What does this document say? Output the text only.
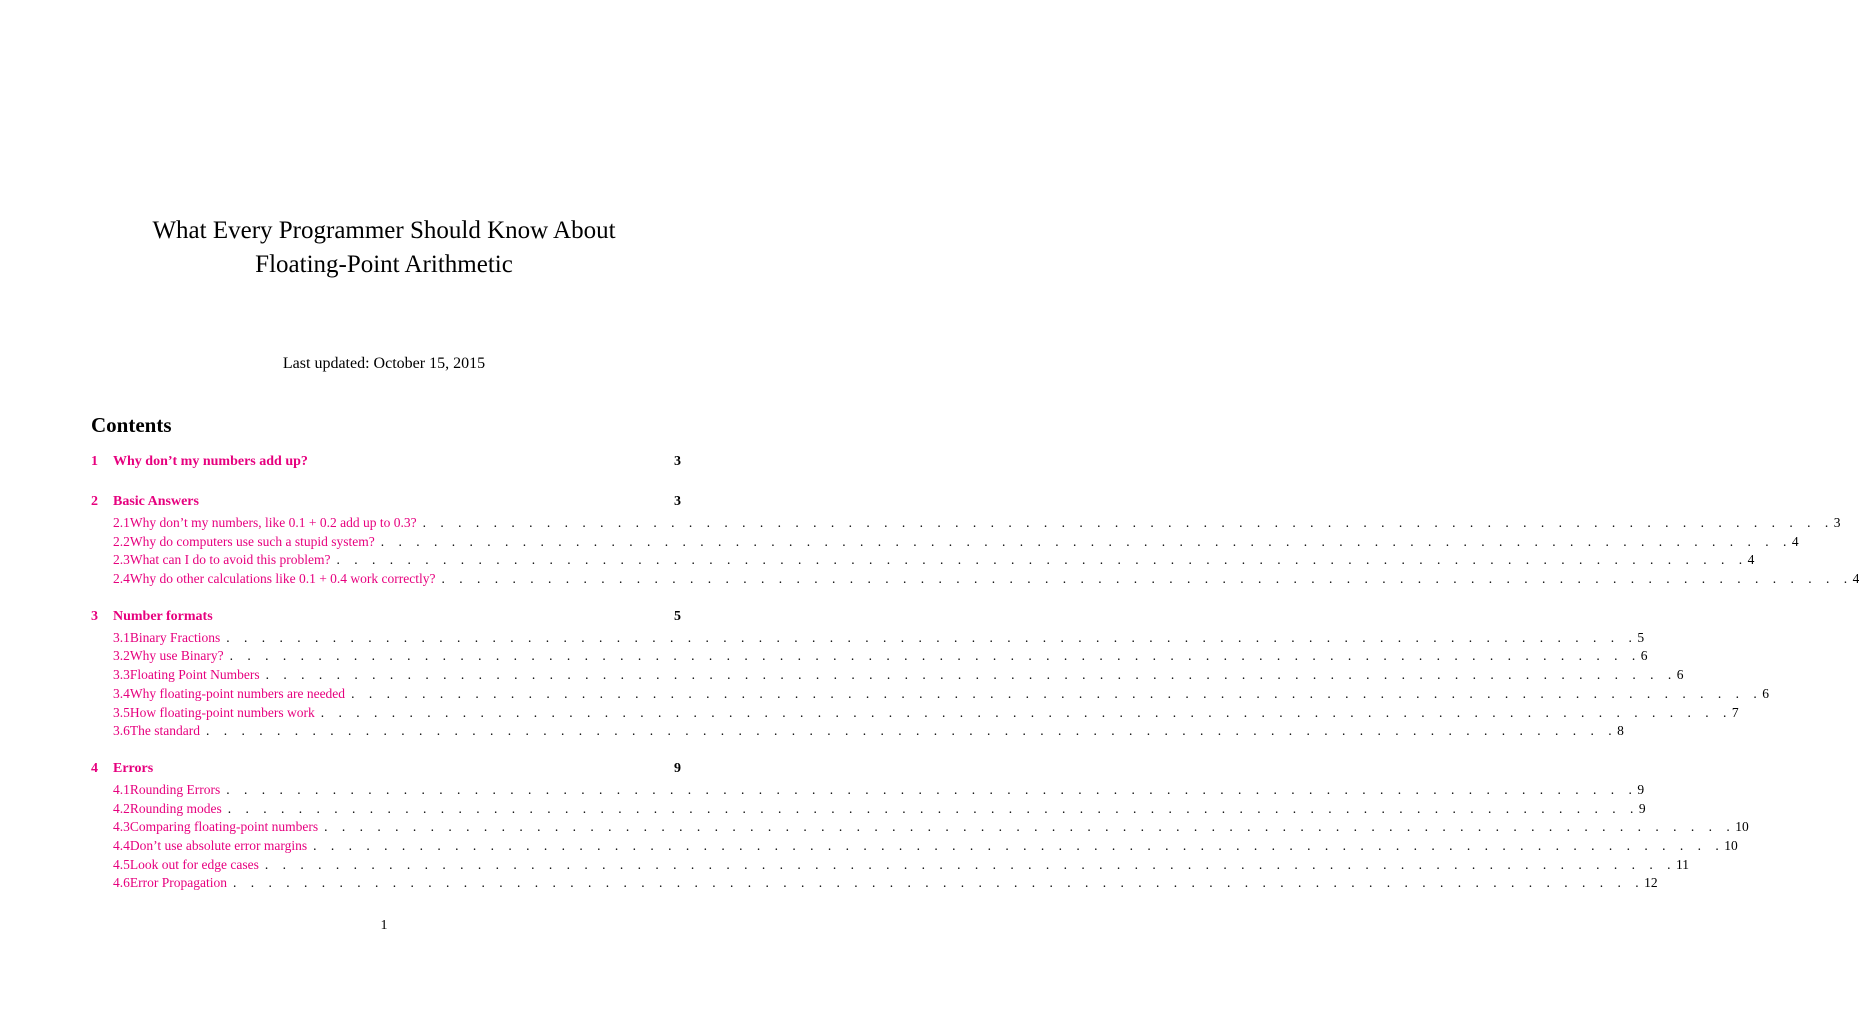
What Every Programmer Should Know About
Floating-Point Arithmetic
Last updated: October 15, 2015
Contents
1	Why don’t my numbers add up?	3
2	Basic Answers	3
2.1 Why don’t my numbers, like 0.1 + 0.2 add up to 0.3? . . . . . . . . . . . . . . . . . . . . . . . . . . . . . . . . . . . . . . . . . . . . . . . . . . . . . . . . . . . . . . . . . . . . . . . . . . . . . . . . 3
2.2 Why do computers use such a stupid system? . . . . . . . . . . . . . . . . . . . . . . . . . . . . . . . . . . . . . . . . . . . . . . . . . . . . . . . . . . . . . . . . . . . . . . . . . . . . . . . . 4
2.3 What can I do to avoid this problem? . . . . . . . . . . . . . . . . . . . . . . . . . . . . . . . . . . . . . . . . . . . . . . . . . . . . . . . . . . . . . . . . . . . . . . . . . . . . . . . . 4
2.4 Why do other calculations like 0.1 + 0.4 work correctly? . . . . . . . . . . . . . . . . . . . . . . . . . . . . . . . . . . . . . . . . . . . . . . . . . . . . . . . . . . . . . . . . . . . . . . . . . . . . . . . . 4
3	Number formats	5
3.1 Binary Fractions . . . . . . . . . . . . . . . . . . . . . . . . . . . . . . . . . . . . . . . . . . . . . . . . . . . . . . . . . . . . . . . . . . . . . . . . . . . . . . . . 5
3.2 Why use Binary? . . . . . . . . . . . . . . . . . . . . . . . . . . . . . . . . . . . . . . . . . . . . . . . . . . . . . . . . . . . . . . . . . . . . . . . . . . . . . . . . 6
3.3 Floating Point Numbers . . . . . . . . . . . . . . . . . . . . . . . . . . . . . . . . . . . . . . . . . . . . . . . . . . . . . . . . . . . . . . . . . . . . . . . . . . . . . . . . 6
3.4 Why floating-point numbers are needed . . . . . . . . . . . . . . . . . . . . . . . . . . . . . . . . . . . . . . . . . . . . . . . . . . . . . . . . . . . . . . . . . . . . . . . . . . . . . . . . 6
3.5 How floating-point numbers work . . . . . . . . . . . . . . . . . . . . . . . . . . . . . . . . . . . . . . . . . . . . . . . . . . . . . . . . . . . . . . . . . . . . . . . . . . . . . . . . 7
3.6 The standard . . . . . . . . . . . . . . . . . . . . . . . . . . . . . . . . . . . . . . . . . . . . . . . . . . . . . . . . . . . . . . . . . . . . . . . . . . . . . . . . 8
4	Errors	9
4.1 Rounding Errors . . . . . . . . . . . . . . . . . . . . . . . . . . . . . . . . . . . . . . . . . . . . . . . . . . . . . . . . . . . . . . . . . . . . . . . . . . . . . . . . 9
4.2 Rounding modes . . . . . . . . . . . . . . . . . . . . . . . . . . . . . . . . . . . . . . . . . . . . . . . . . . . . . . . . . . . . . . . . . . . . . . . . . . . . . . . . 9
4.3 Comparing floating-point numbers . . . . . . . . . . . . . . . . . . . . . . . . . . . . . . . . . . . . . . . . . . . . . . . . . . . . . . . . . . . . . . . . . . . . . . . . . . . . . . . . 10
4.4 Don’t use absolute error margins . . . . . . . . . . . . . . . . . . . . . . . . . . . . . . . . . . . . . . . . . . . . . . . . . . . . . . . . . . . . . . . . . . . . . . . . . . . . . . . . 10
4.5 Look out for edge cases . . . . . . . . . . . . . . . . . . . . . . . . . . . . . . . . . . . . . . . . . . . . . . . . . . . . . . . . . . . . . . . . . . . . . . . . . . . . . . . . 11
4.6 Error Propagation . . . . . . . . . . . . . . . . . . . . . . . . . . . . . . . . . . . . . . . . . . . . . . . . . . . . . . . . . . . . . . . . . . . . . . . . . . . . . . . . 12
1
